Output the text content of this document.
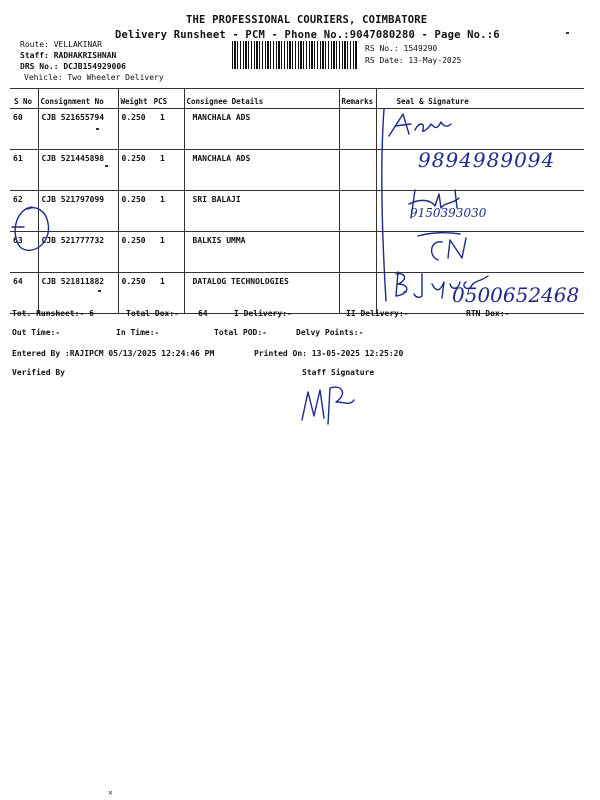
THE PROFESSIONAL COURIERS, COIMBATORE
Delivery Runsheet - PCM - Phone No.:9047080280 - Page No.:6
Route: VELLAKINAR
Staff: RADHAKRISHNAN
DRS No.: DCJB154929006
Vehicle: Two Wheeler Delivery
RS No.: 1549290
RS Date: 13-May-2025
S No	Consignment No	Weight PCS	Consignee Details	Remarks	Seal & Signature

60	CJB 521655794	0.250 1	MANCHALA ADS		

61	CJB 521445898	0.250 1	MANCHALA ADS		

62	CJB 521797099	0.250 1	SRI BALAJI		

63	CJB 521777732	0.250 1	BALKIS UMMA		

64	CJB 521811882	0.250 1	DATALOG TECHNOLOGIES		

9894989094
9150393030
0500652468
Tot. Runsheet:- 6	Total Dox:- 64	I Delivery:-	II Delivery:-	RTN Dox:-
Out Time:-	In Time:-	Total POD:-	Delvy Points:-
Entered By :RAJIPCM 05/13/2025 12:24:46 PM	Printed On: 13-05-2025 12:25:20
Verified By	Staff Signature
✕
